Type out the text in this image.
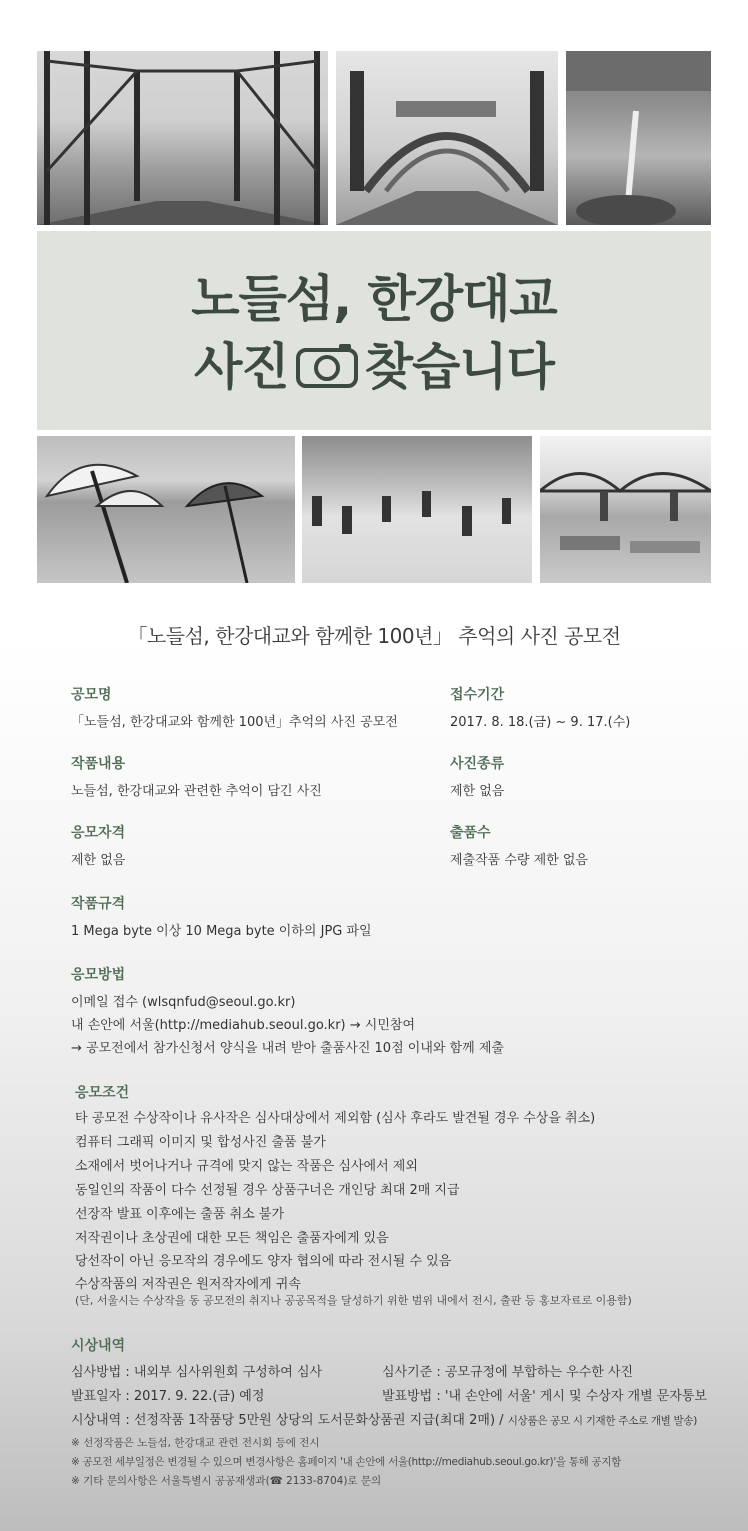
노들섬, 한강대교
사진 찾습니다
「노들섬, 한강대교와 함께한 100년」 추억의 사진 공모전
공모명
「노들섬, 한강대교와 함께한 100년」추억의 사진 공모전
접수기간
2017. 8. 18.(금) ~ 9. 17.(수)
작품내용
노들섬, 한강대교와 관련한 추억이 담긴 사진
사진종류
제한 없음
응모자격
제한 없음
출품수
제출작품 수량 제한 없음
작품규격
1 Mega byte 이상 10 Mega byte 이하의 JPG 파일
응모방법
이메일 접수 (wlsqnfud@seoul.go.kr)
내 손안에 서울(http://mediahub.seoul.go.kr) → 시민참여
→ 공모전에서 참가신청서 양식을 내려 받아 출품사진 10점 이내와 함께 제출
응모조건
타 공모전 수상작이나 유사작은 심사대상에서 제외함 (심사 후라도 발견될 경우 수상을 취소)
컴퓨터 그래픽 이미지 및 합성사진 출품 불가
소재에서 벗어나거나 규격에 맞지 않는 작품은 심사에서 제외
동일인의 작품이 다수 선정될 경우 상품구너은 개인당 최대 2매 지급
선장작 발표 이후에는 출품 취소 불가
저작권이나 초상권에 대한 모든 책임은 출품자에게 있음
당선작이 아닌 응모작의 경우에도 양자 협의에 따라 전시될 수 있음
수상작품의 저작권은 원저작자에게 귀속
(단, 서울시는 수상작을 동 공모전의 취지나 공공목적을 달성하기 위한 범위 내에서 전시, 출판 등 홍보자료로 이용함)
시상내역
심사방법 : 내외부 심사위원회 구성하여 심사	심사기준 : 공모규정에 부합하는 우수한 사진
발표일자 : 2017. 9. 22.(금) 예정	발표방법 : '내 손안에 서울' 게시 및 수상자 개별 문자통보
시상내역 : 선정작품 1작품당 5만원 상당의 도서문화상품권 지급(최대 2매) / 시상품은 공모 시 기재한 주소로 개별 발송)
※ 선정작품은 노들섬, 한강대교 관련 전시회 등에 전시
※ 공모전 세부일정은 변경될 수 있으며 변경사항은 홈페이지 '내 손안에 서울(http://mediahub.seoul.go.kr)'을 통해 공지함
※ 기타 문의사항은 서울특별시 공공재생과(☎ 2133-8704)로 문의
